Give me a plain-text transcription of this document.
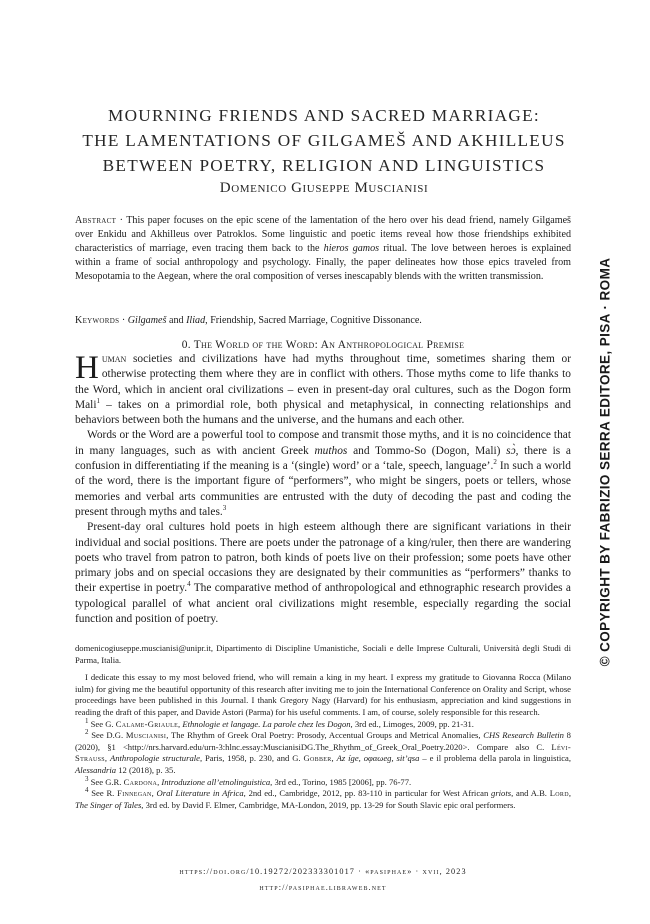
MOURNING FRIENDS AND SACRED MARRIAGE:
THE LAMENTATIONS OF GILGAMEŠ AND AKHILLEUS
BETWEEN POETRY, RELIGION AND LINGUISTICS
Domenico Giuseppe Muscianisi
Abstract · This paper focuses on the epic scene of the lamentation of the hero over his dead friend, namely Gilgameš over Enkidu and Akhilleus over Patroklos. Some linguistic and poetic items reveal how those friendships exhibited characteristics of marriage, even tracing them back to the hieros gamos ritual. The love between heroes is explained within a frame of social anthropology and psychology. Finally, the paper delineates how those epics traveled from Mesopotamia to the Aegean, where the oral composition of verses inescapably blends with the written transmission.
Keywords · Gilgameš and Iliad, Friendship, Sacred Marriage, Cognitive Dissonance.
0. The World of the Word: An Anthropological Premise

Human societies and civilizations have had myths throughout time, sometimes sharing them or otherwise protecting them where they are in conflict with others. Those myths come to life thanks to the Word, which in ancient oral civilizations – even in present-day oral cultures, such as the Dogon form Mali$^1$ – takes on a primordial role, both physical and metaphysical, in connecting relationships and behaviors between both the humans and the universe, and the humans and each other.

Words or the Word are a powerful tool to compose and transmit those myths, and it is no coincidence that in many languages, such as with ancient Greek muthos and Tommo-So (Dogon, Mali) sɔ̀, there is a confusion in differentiating if the meaning is a ‘(single) word’ or a ‘tale, speech, language’.$^2$ In such a world of the word, there is the important figure of “performers”, who might be singers, poets or tellers, whose memories and verbal arts communities are entrusted with the duty of decoding the past and coding the present through myths and tales.$^3$

Present-day oral cultures hold poets in high esteem although there are significant variations in their individual and social positions. There are poets under the patronage of a king/ruler, then there are wandering poets who travel from patron to patron, both kinds of poets live on their profession; some poets have other primary jobs and on special occasions they are designated by their communities as “performers” thanks to their expertise in poetry.$^4$ The comparative method of anthropological and ethnographic research provides a typological parallel of what ancient oral civilizations might resemble, especially regarding the social function and position of poetry.

domenicogiuseppe.muscianisi@unipr.it, Dipartimento di Discipline Umanistiche, Sociali e delle Imprese Culturali, Università degli Studi di Parma, Italia.

I dedicate this essay to my most beloved friend, who will remain a king in my heart. I express my gratitude to Giovanna Rocca (Milano iulm) for giving me the beautiful opportunity of this research after inviting me to join the International Conference on Orality and Script, whose proceedings have been published in this Journal. I thank Gregory Nagy (Harvard) for his enthusiasm, appreciation and kind suggestions in reading the draft of this paper, and Davide Astori (Parma) for his useful comments. I am, of course, solely responsible for this research.

$^1$ See G. Calame-Griaule, Ethnologie et langage. La parole chez les Dogon, 3rd ed., Limoges, 2009, pp. 21-31.

$^2$ See D.G. Muscianisi, The Rhythm of Greek Oral Poetry: Prosody, Accentual Groups and Metrical Anomalies, CHS Research Bulletin 8 (2020), §1 <http://nrs.harvard.edu/urn-3:hlnc.essay:MuscianisiDG.The_Rhythm_of_Greek_Oral_Poetry.2020>. Compare also C. Lévi-Strauss, Anthropologie structurale, Paris, 1958, p. 230, and G. Gobber, Az íge, οφαωeg, sit’qsa – e il problema della parola in linguistica, Alessandria 12 (2018), p. 35.

$^3$ See G.R. Cardona, Introduzione all’etnolinguistica, 3rd ed., Torino, 1985 [2006], pp. 76-77.

$^4$ See R. Finnegan, Oral Literature in Africa, 2nd ed., Cambridge, 2012, pp. 83-110 in particular for West African griots, and A.B. Lord, The Singer of Tales, 3rd ed. by David F. Elmer, Cambridge, MA-London, 2019, pp. 13-29 for South Slavic epic oral performers.

https://doi.org/10.19272/202333301017 · «pasiphae» · xvii, 2023
http://pasiphae.libraweb.net
© COPYRIGHT BY FABRIZIO SERRA EDITORE, PISA · ROMA
